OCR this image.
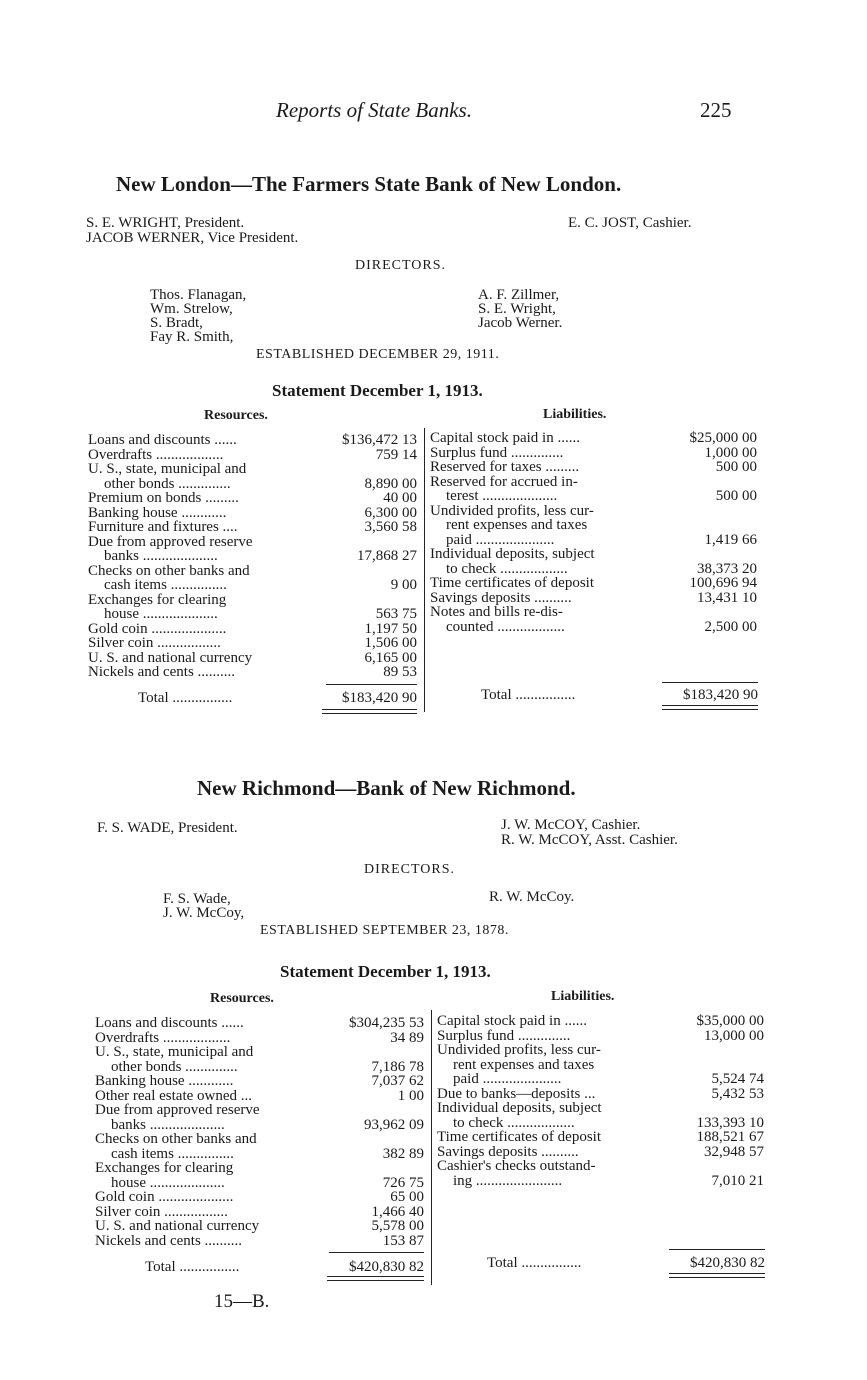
Reports of State Banks.	225
New London—The Farmers State Bank of New London.
S. E. WRIGHT, President.
JACOB WERNER, Vice President.
E. C. JOST, Cashier.
DIRECTORS.
Thos. Flanagan,
Wm. Strelow,
S. Bradt,
Fay R. Smith,
A. F. Zillmer,
S. E. Wright,
Jacob Werner.
ESTABLISHED DECEMBER 29, 1911.
Statement December 1, 1913.
Resources.	Liabilities.
Loans and discounts ......	$136,472 13
Overdrafts ..................	759 14
U. S., state, municipal and
other bonds ..............	8,890 00
Premium on bonds .........	40 00
Banking house ............	6,300 00
Furniture and fixtures ....	3,560 58
Due from approved reserve
banks ....................	17,868 27
Checks on other banks and
cash items ...............	9 00
Exchanges for clearing
house ....................	563 75
Gold coin ....................	1,197 50
Silver coin .................	1,506 00
U. S. and national currency	6,165 00
Nickels and cents ..........	89 53
Capital stock paid in ......	$25,000 00
Surplus fund ..............	1,000 00
Reserved for taxes .........	500 00
Reserved for accrued in-
terest ....................	500 00
Undivided profits, less cur-
rent expenses and taxes
paid .....................	1,419 66
Individual deposits, subject
to check ..................	38,373 20
Time certificates of deposit	100,696 94
Savings deposits ..........	13,431 10
Notes and bills re-dis-
counted ..................	2,500 00
Total ................	$183,420 90	Total ................	$183,420 90
New Richmond—Bank of New Richmond.
F. S. WADE, President.	J. W. McCOY, Cashier.
R. W. McCOY, Asst. Cashier.
DIRECTORS.
F. S. Wade,
J. W. McCoy,
R. W. McCoy.
ESTABLISHED SEPTEMBER 23, 1878.
Statement December 1, 1913.
Resources.	Liabilities.
Loans and discounts ......	$304,235 53
Overdrafts ..................	34 89
U. S., state, municipal and
other bonds ..............	7,186 78
Banking house ............	7,037 62
Other real estate owned ...	1 00
Due from approved reserve
banks ....................	93,962 09
Checks on other banks and
cash items ...............	382 89
Exchanges for clearing
house ....................	726 75
Gold coin ....................	65 00
Silver coin .................	1,466 40
U. S. and national currency	5,578 00
Nickels and cents ..........	153 87
Capital stock paid in ......	$35,000 00
Surplus fund ..............	13,000 00
Undivided profits, less cur-
rent expenses and taxes
paid .....................	5,524 74
Due to banks—deposits ...	5,432 53
Individual deposits, subject
to check ..................	133,393 10
Time certificates of deposit	188,521 67
Savings deposits ..........	32,948 57
Cashier's checks outstand-
ing .......................	7,010 21
Total ................	$420,830 82	Total ................	$420,830 82
15—B.
